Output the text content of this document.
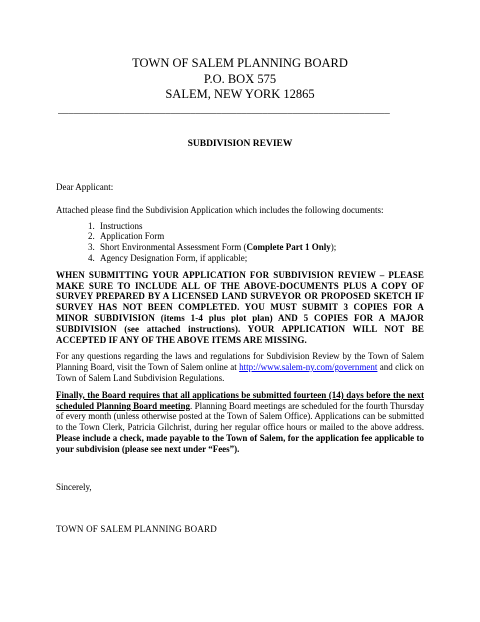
TOWN OF SALEM PLANNING BOARD
P.O. BOX 575
SALEM, NEW YORK 12865
_________________________________________________________________
SUBDIVISION REVIEW

Dear Applicant:

Attached please find the Subdivision Application which includes the following documents:

1. Instructions
2. Application Form
3. Short Environmental Assessment Form (Complete Part 1 Only);
4. Agency Designation Form, if applicable;

WHEN SUBMITTING YOUR APPLICATION FOR SUBDIVISION REVIEW – PLEASE MAKE SURE TO INCLUDE ALL OF THE ABOVE-DOCUMENTS PLUS A COPY OF SURVEY PREPARED BY A LICENSED LAND SURVEYOR OR PROPOSED SKETCH IF SURVEY HAS NOT BEEN COMPLETED. YOU MUST SUBMIT 3 COPIES FOR A MINOR SUBDIVISION (items 1-4 plus plot plan) AND 5 COPIES FOR A MAJOR SUBDIVISION (see attached instructions). YOUR APPLICATION WILL NOT BE ACCEPTED IF ANY OF THE ABOVE ITEMS ARE MISSING.

For any questions regarding the laws and regulations for Subdivision Review by the Town of Salem Planning Board, visit the Town of Salem online at http://www.salem-ny.com/government and click on Town of Salem Land Subdivision Regulations.

Finally, the Board requires that all applications be submitted fourteen (14) days before the next scheduled Planning Board meeting. Planning Board meetings are scheduled for the fourth Thursday of every month (unless otherwise posted at the Town of Salem Office). Applications can be submitted to the Town Clerk, Patricia Gilchrist, during her regular office hours or mailed to the above address. Please include a check, made payable to the Town of Salem, for the application fee applicable to your subdivision (please see next under “Fees”).

Sincerely,
TOWN OF SALEM PLANNING BOARD
